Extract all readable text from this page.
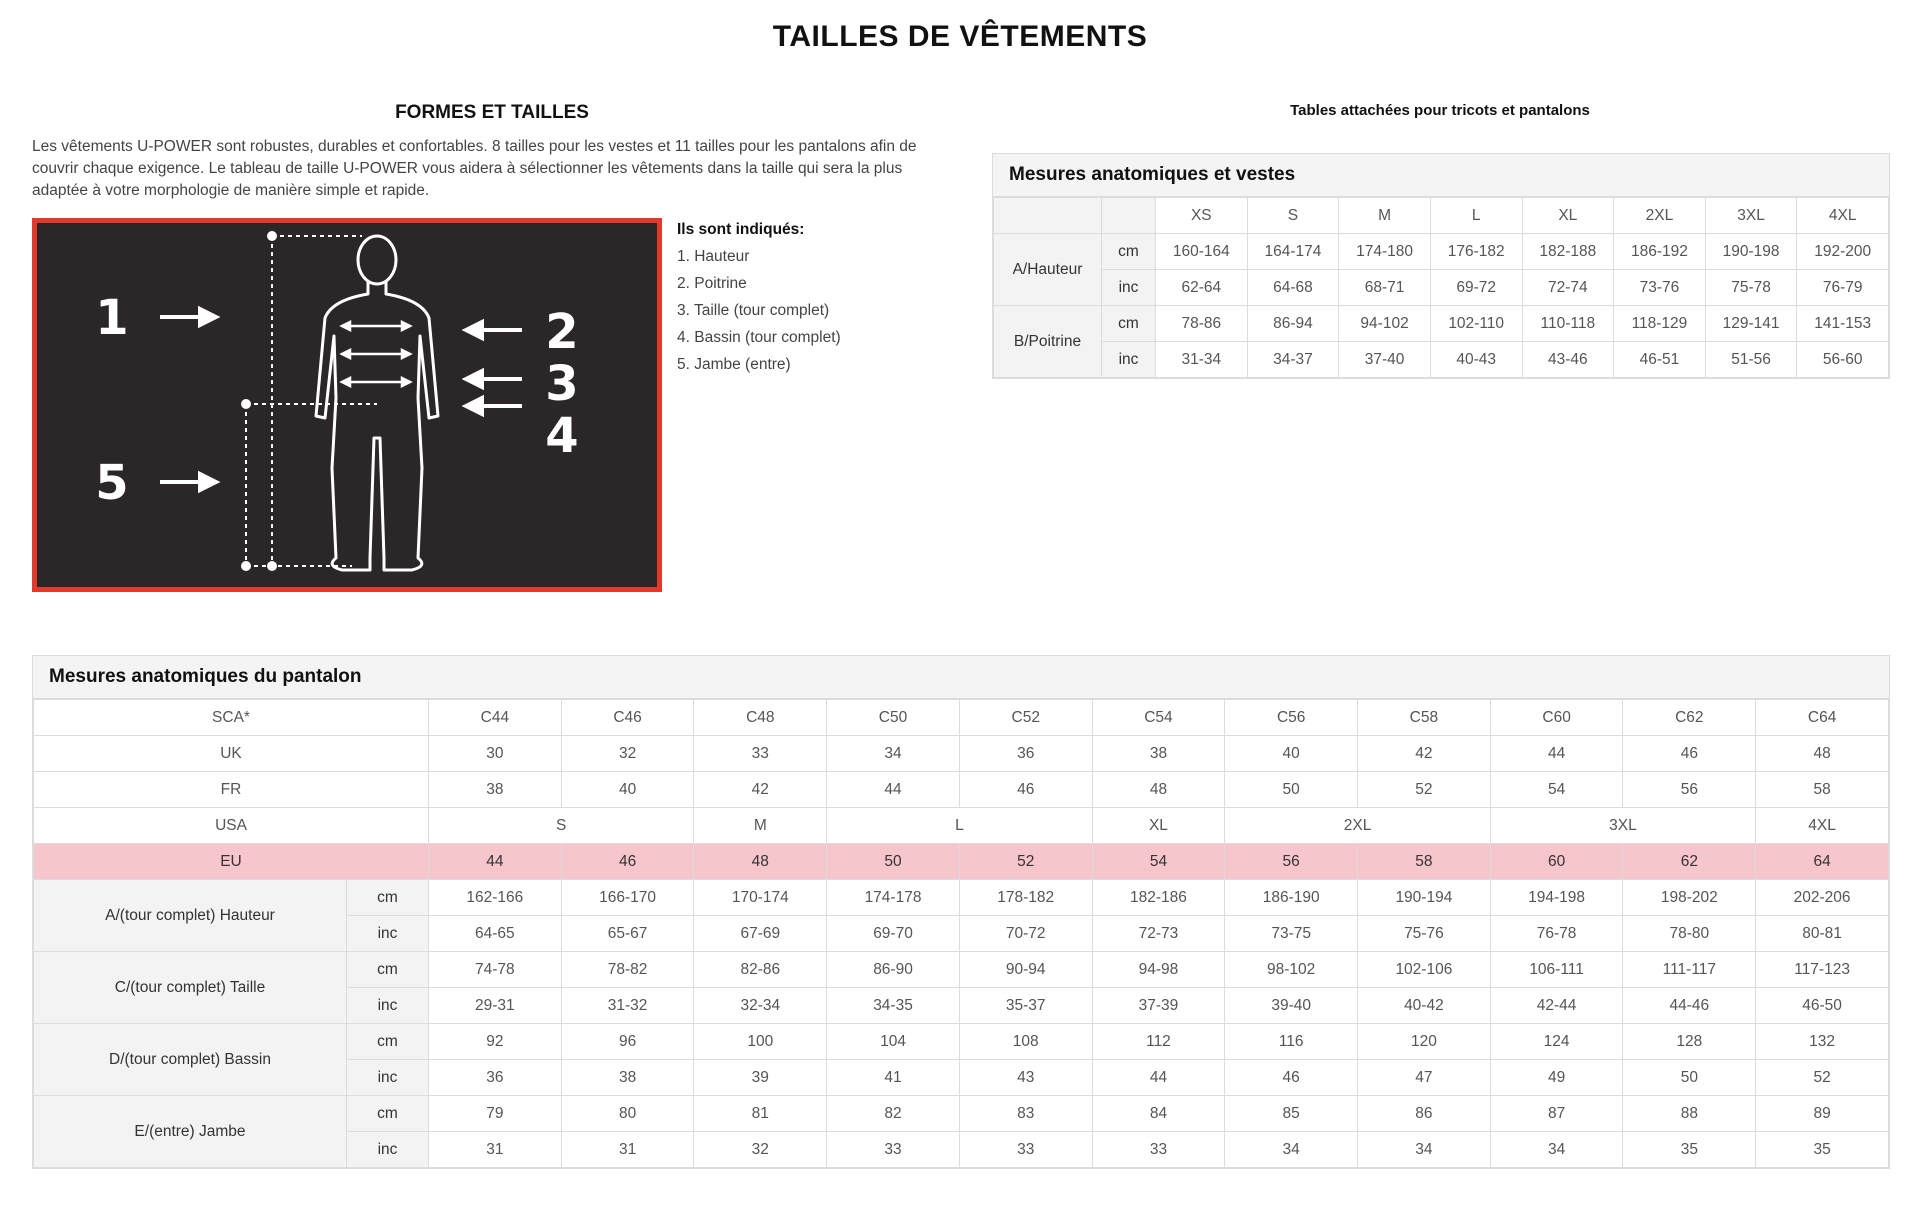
TAILLES DE VÊTEMENTS
FORMES ET TAILLES

Les vêtements U-POWER sont robustes, durables et confortables. 8 tailles pour les vestes et 11 tailles pour les pantalons afin de couvrir chaque exigence. Le tableau de taille U-POWER vous aidera à sélectionner les vêtements dans la taille qui sera la plus adaptée à votre morphologie de manière simple et rapide.

1	2
3
4
5
Ils sont indiqués:
1. Hauteur
2. Poitrine
3. Taille (tour complet)
4. Bassin (tour complet)
5. Jambe (entre)
Tables attachées pour tricots et pantalons
Mesures anatomiques et vestes
		XS	S	M	L	XL	2XL	3XL	4XL
A/Hauteur	cm	160-164	164-174	174-180	176-182	182-188	186-192	190-198	192-200
	inc	62-64	64-68	68-71	69-72	72-74	73-76	75-78	76-79
B/Poitrine	cm	78-86	86-94	94-102	102-110	110-118	118-129	129-141	141-153
	inc	31-34	34-37	37-40	40-43	43-46	46-51	51-56	56-60
Mesures anatomiques du pantalon
SCA*		C44	C46	C48	C50	C52	C54	C56	C58	C60	C62	C64
UK		30	32	33	34	36	38	40	42	44	46	48
FR		38	40	42	44	46	48	50	52	54	56	58
USA		S		M	L		XL	2XL		3XL		4XL
EU		44	46	48	50	52	54	56	58	60	62	64
A/(tour complet) Hauteur	cm	162-166	166-170	170-174	174-178	178-182	182-186	186-190	190-194	194-198	198-202	202-206
	inc	64-65	65-67	67-69	69-70	70-72	72-73	73-75	75-76	76-78	78-80	80-81
C/(tour complet) Taille	cm	74-78	78-82	82-86	86-90	90-94	94-98	98-102	102-106	106-111	111-117	117-123
	inc	29-31	31-32	32-34	34-35	35-37	37-39	39-40	40-42	42-44	44-46	46-50
D/(tour complet) Bassin	cm	92	96	100	104	108	112	116	120	124	128	132
	inc	36	38	39	41	43	44	46	47	49	50	52
E/(entre) Jambe	cm	79	80	81	82	83	84	85	86	87	88	89
	inc	31	31	32	33	33	33	34	34	34	35	35
